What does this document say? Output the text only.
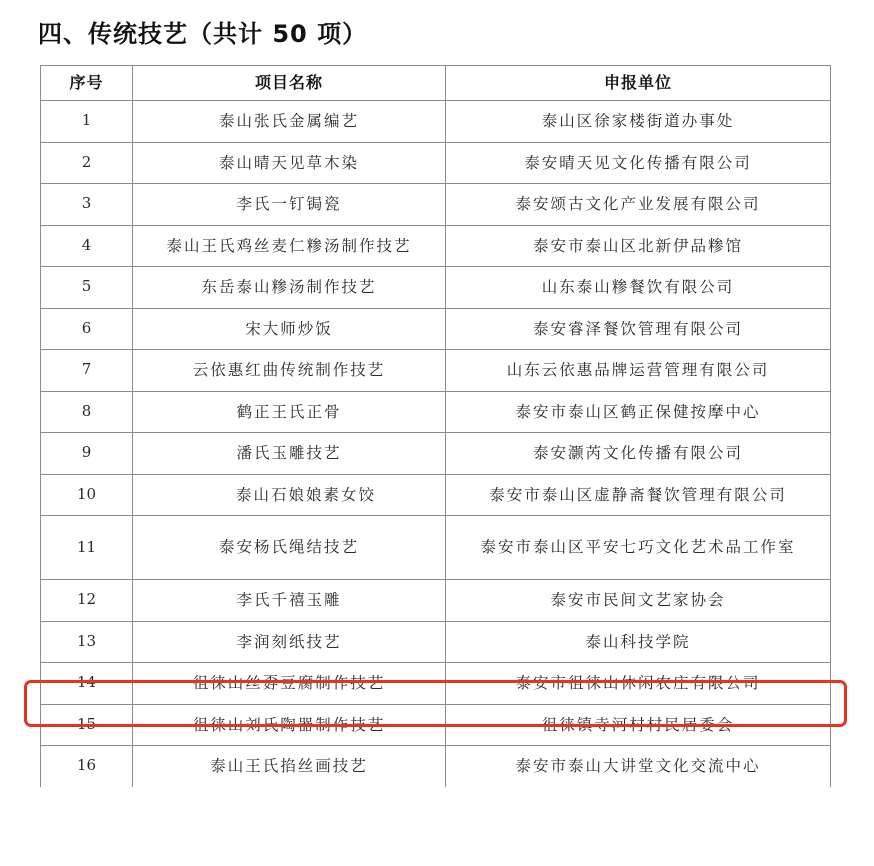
四、传统技艺（共计 50 项）
序号	项目名称	申报单位
1	泰山张氏金属编艺	泰山区徐家楼街道办事处
2	泰山晴天见草木染	泰安晴天见文化传播有限公司
3	李氏一钉锔瓷	泰安颂古文化产业发展有限公司
4	泰山王氏鸡丝麦仁糁汤制作技艺	泰安市泰山区北新伊品糁馆
5	东岳泰山糁汤制作技艺	山东泰山糁餐饮有限公司
6	宋大师炒饭	泰安睿泽餐饮管理有限公司
7	云依惠红曲传统制作技艺	山东云依惠品牌运营管理有限公司
8	鹤正王氏正骨	泰安市泰山区鹤正保健按摩中心
9	潘氏玉雕技艺	泰安灏芮文化传播有限公司
10	泰山石娘娘素女饺	泰安市泰山区虚静斋餐饮管理有限公司
11	泰安杨氏绳结技艺	泰安市泰山区平安七巧文化艺术品工作室
12	李氏千禧玉雕	泰安市民间文艺家协会
13	李润刻纸技艺	泰山科技学院
14	徂徕山丝孬豆腐制作技艺	泰安市徂徕山休闲农庄有限公司
15	徂徕山刘氏陶器制作技艺	徂徕镇寺河村村民居委会
16	泰山王氏掐丝画技艺	泰安市泰山大讲堂文化交流中心
